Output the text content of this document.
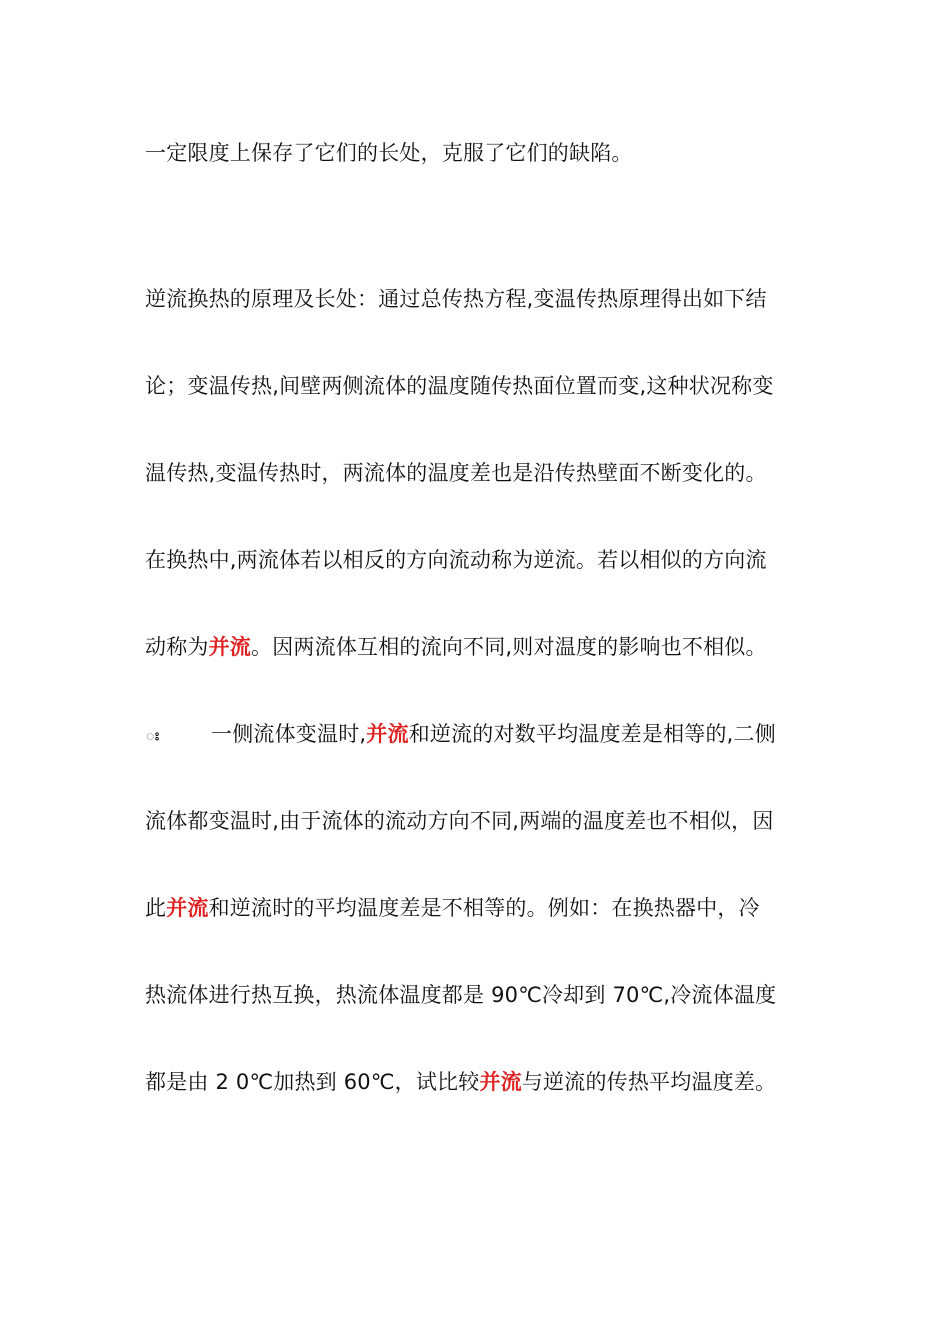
一定限度上保存了它们的长处，克服了它们的缺陷。
逆流换热的原理及长处：通过总传热方程,变温传热原理得出如下结
论；变温传热,间壁两侧流体的温度随传热面位置而变,这种状况称变
温传热,变温传热时，两流体的温度差也是沿传热壁面不断变化的。
在换热中,两流体若以相反的方向流动称为逆流。若以相似的方向流
动称为并流。因两流体互相的流向不同,则对温度的影响也不相似。
ꢁ 一侧流体变温时,并流和逆流的对数平均温度差是相等的,二侧
流体都变温时,由于流体的流动方向不同,两端的温度差也不相似，因
此并流和逆流时的平均温度差是不相等的。例如：在换热器中，冷
热流体进行热互换，热流体温度都是 90℃冷却到 70℃,冷流体温度
都是由 2 0℃加热到 60℃，试比较并流与逆流的传热平均温度差。
